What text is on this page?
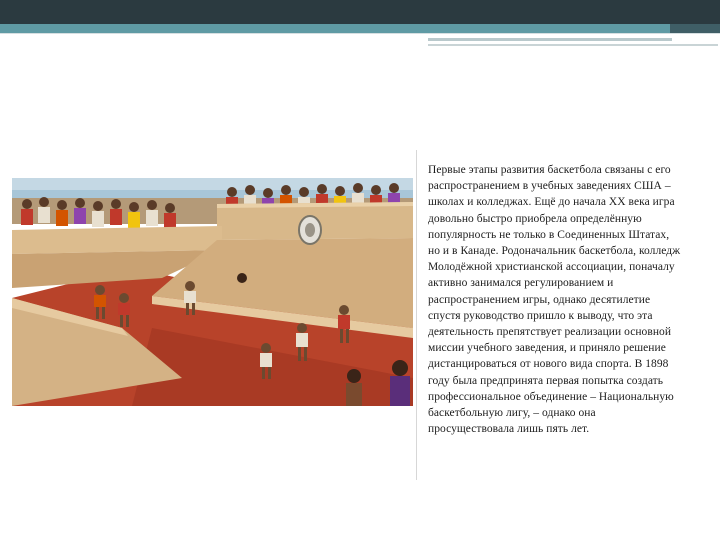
Первые этапы развития баскетбола связаны с его распространением в учебных заведениях США – школах и колледжах. Ещё до начала XX века игра довольно быстро приобрела определённую популярность не только в Соединенных Штатах, но и в Канаде. Родоначальник баскетбола, колледж Молодёжной христианской ассоциации, поначалу активно занимался регулированием и распространением игры, однако десятилетие спустя руководство пришло к выводу, что эта деятельность препятствует реализации основной миссии учебного заведения, и приняло решение дистанцироваться от нового вида спорта. В 1898 году была предпринята первая попытка создать профессиональное объединение – Национальную баскетбольную лигу, – однако она просуществовала лишь пять лет.
